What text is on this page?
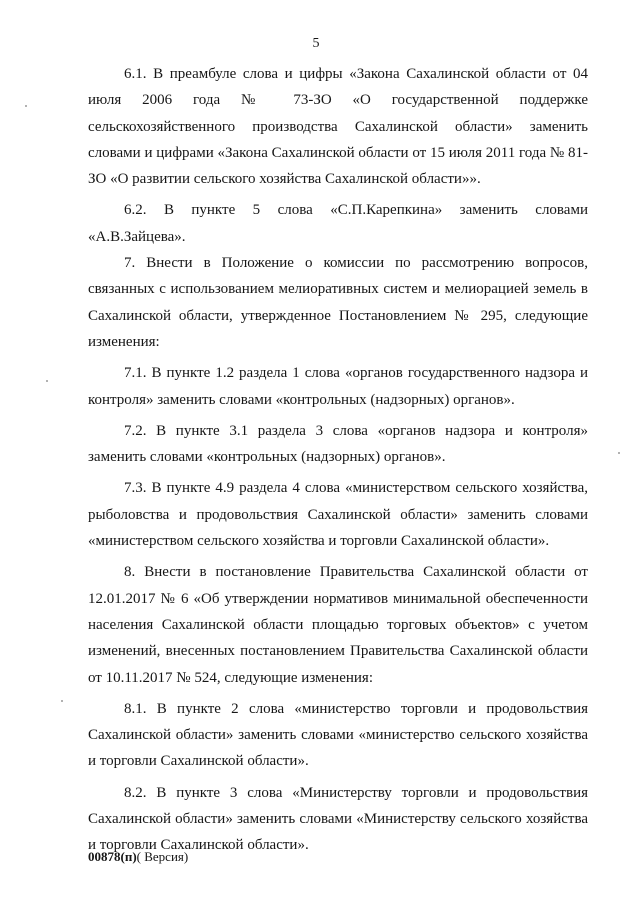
5

6.1. В преамбуле слова и цифры «Закона Сахалинской области от 04 июля 2006 года № 73-ЗО «О государственной поддержке сельскохозяйственного производства Сахалинской области» заменить словами и цифрами «Закона Сахалинской области от 15 июля 2011 года № 81-ЗО «О развитии сельского хозяйства Сахалинской области»».

6.2. В пункте 5 слова «С.П.Карепкина» заменить словами «А.В.Зайцева».

7. Внести в Положение о комиссии по рассмотрению вопросов, связанных с использованием мелиоративных систем и мелиорацией земель в Сахалинской области, утвержденное Постановлением № 295, следующие изменения:

7.1. В пункте 1.2 раздела 1 слова «органов государственного надзора и контроля» заменить словами «контрольных (надзорных) органов».

7.2. В пункте 3.1 раздела 3 слова «органов надзора и контроля» заменить словами «контрольных (надзорных) органов».

7.3. В пункте 4.9 раздела 4 слова «министерством сельского хозяйства, рыболовства и продовольствия Сахалинской области» заменить словами «министерством сельского хозяйства и торговли Сахалинской области».

8. Внести в постановление Правительства Сахалинской области от 12.01.2017 № 6 «Об утверждении нормативов минимальной обеспеченности населения Сахалинской области площадью торговых объектов» с учетом изменений, внесенных постановлением Правительства Сахалинской области от 10.11.2017 № 524, следующие изменения:

8.1. В пункте 2 слова «министерство торговли и продовольствия Сахалинской области» заменить словами «министерство сельского хозяйства и торговли Сахалинской области».

8.2. В пункте 3 слова «Министерству торговли и продовольствия Сахалинской области» заменить словами «Министерству сельского хозяйства и торговли Сахалинской области».

00878(п)( Версия)
